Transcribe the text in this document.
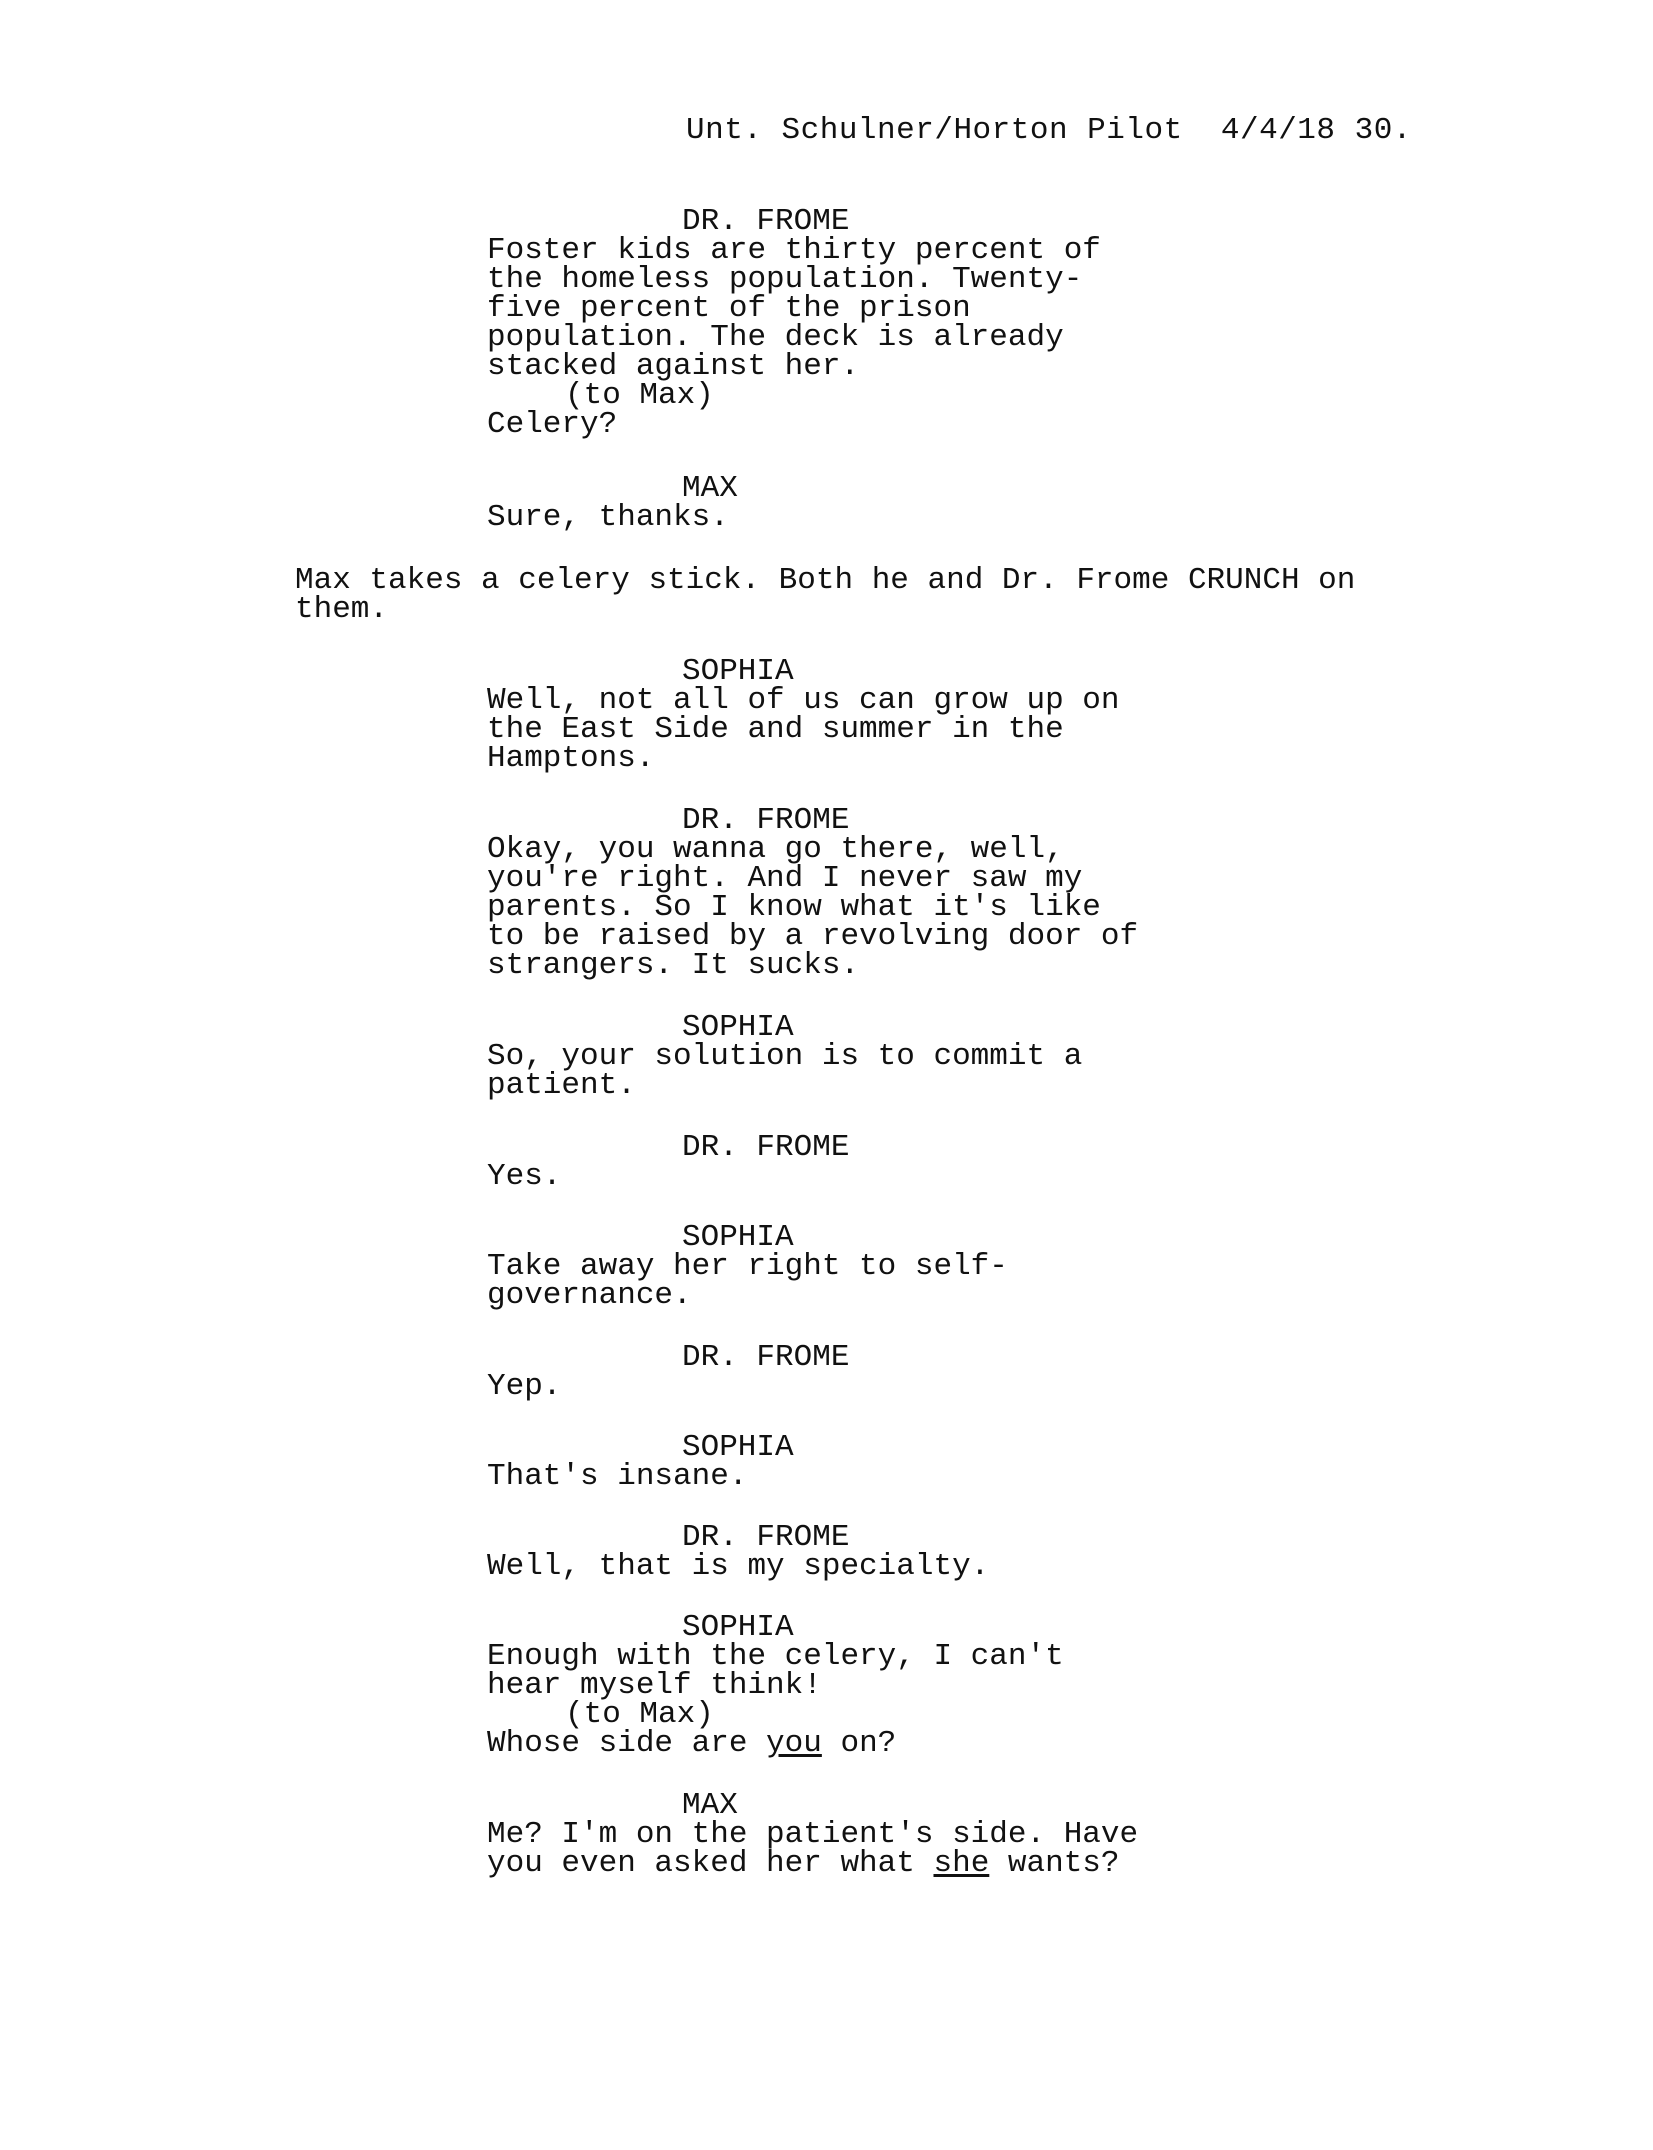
Unt. Schulner/Horton Pilot  4/4/18 30.
DR. FROME
Foster kids are thirty percent of
the homeless population. Twenty-
five percent of the prison
population. The deck is already
stacked against her.
(to Max)
Celery?
MAX
Sure, thanks.
Max takes a celery stick. Both he and Dr. Frome CRUNCH on
them.
SOPHIA
Well, not all of us can grow up on
the East Side and summer in the
Hamptons.
DR. FROME
Okay, you wanna go there, well,
you're right. And I never saw my
parents. So I know what it's like
to be raised by a revolving door of
strangers. It sucks.
SOPHIA
So, your solution is to commit a
patient.
DR. FROME
Yes.
SOPHIA
Take away her right to self-
governance.
DR. FROME
Yep.
SOPHIA
That's insane.
DR. FROME
Well, that is my specialty.
SOPHIA
Enough with the celery, I can't
hear myself think!
(to Max)
Whose side are you on?
MAX
Me? I'm on the patient's side. Have
you even asked her what she wants?
